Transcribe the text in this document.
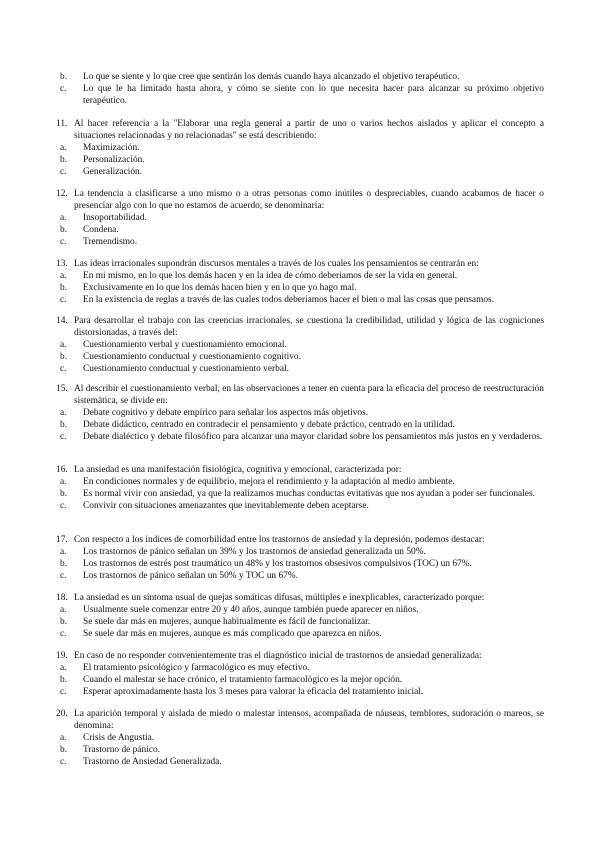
b.	Lo que se siente y lo que cree que sentirán los demás cuando haya alcanzado el objetivo terapéutico.
c.	Lo que le ha limitado hasta ahora, y cómo se siente con lo que necesita hacer para alcanzar su próximo objetivo terapéutico.
11. Al hacer referencia a la "Elaborar una regla general a partir de uno o varios hechos aislados y aplicar el concepto a situaciones relacionadas y no relacionadas" se está describiendo:
a.	Maximización.
b.	Personalización.
c.	Generalización.
12. La tendencia a clasificarse a uno mismo o a otras personas como inútiles o despreciables, cuando acabamos de hacer o presenciar algo con lo que no estamos de acuerdo, se denominaría:
a.	Insoportabilidad.
b.	Condena.
c.	Tremendismo.
13. Las ideas irracionales supondrán discursos mentales a través de los cuales los pensamientos se centrarán en:
a.	En mi mismo, en lo que los demás hacen y en la idea de cómo deberíamos de ser la vida en general.
b.	Exclusivamente en lo que los demás hacen bien y en lo que yo hago mal.
c.	En la existencia de reglas a través de las cuales todos deberíamos hacer el bien o mal las cosas que pensamos.
14. Para desarrollar el trabajo con las creencias irracionales, se cuestiona la credibilidad, utilidad y lógica de las cogniciones distorsionadas, a través del:
a.	Cuestionamiento verbal y cuestionamiento emocional.
b.	Cuestionamiento conductual y cuestionamiento cognitivo.
c.	Cuestionamiento conductual y cuestionamiento verbal.
15. Al describir el cuestionamiento verbal, en las observaciones a tener en cuenta para la eficacia del proceso de reestructuración sistemática, se divide en:
a.	Debate cognitivo y debate empírico para señalar los aspectos más objetivos.
b.	Debate didáctico, centrado en contradecir el pensamiento y debate práctico, centrado en la utilidad.
c.	Debate dialéctico y debate filosófico para alcanzar una mayor claridad sobre los pensamientos más justos en y verdaderos.
16. La ansiedad es una manifestación fisiológica, cognitiva y emocional, caracterizada por:
a.	En condiciones normales y de equilibrio, mejora el rendimiento y la adaptación al medio ambiente.
b.	Es normal vivir con ansiedad, ya que la realizamos muchas conductas evitativas que nos ayudan a poder ser funcionales.
c.	Convivir con situaciones amenazantes que inevitablemente deben aceptarse.
17. Con respecto a los índices de comorbilidad entre los trastornos de ansiedad y la depresión, podemos destacar:
a.	Los trastornos de pánico señalan un 39% y los trastornos de ansiedad generalizada un 50%.
b.	Los trastornos de estrés post traumático un 48% y los trastornos obsesivos compulsivos (TOC) un 67%.
c.	Los trastornos de pánico señalan un 50% y TOC un 67%.
18. La ansiedad es un síntoma usual de quejas somáticas difusas, múltiples e inexplicables, caracterizado porque:
a.	Usualmente suele comenzar entre 20 y 40 años, aunque también puede aparecer en niños.
b.	Se suele dar más en mujeres, aunque habitualmente es fácil de funcionalizar.
c.	Se suele dar más en mujeres, aunque es más complicado que aparezca en niños.
19. En caso de no responder convenientemente tras el diagnóstico inicial de trastornos de ansiedad generalizada:
a.	El tratamiento psicológico y farmacológico es muy efectivo.
b.	Cuando el malestar se hace crónico, el tratamiento farmacológico es la mejor opción.
c.	Esperar aproximadamente hasta los 3 meses para valorar la eficacia del tratamiento inicial.
20. La aparición temporal y aislada de miedo o malestar intensos, acompañada de náuseas, temblores, sudoración o mareos, se denomina:
a.	Crisis de Angustia.
b.	Trastorno de pánico.
c.	Trastorno de Ansiedad Generalizada.
